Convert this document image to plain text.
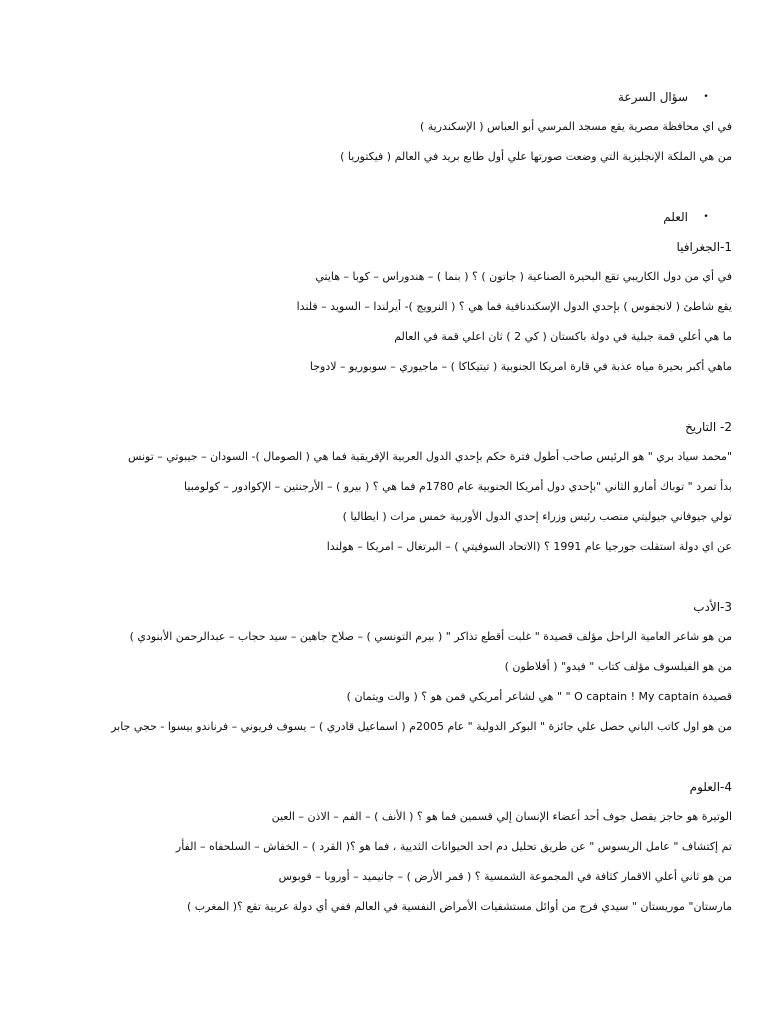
•
سؤال السرعة
في اي محافظة مصرية يقع مسجد المرسي أبو العباس ( الإسكندرية )
من هي الملكة الإنجليزية التي وضعت صورتها علي أول طابع بريد في العالم ( فيكتوريا )
•
العلم
1-الجغرافيا
في أي من دول الكاريبي تقع البحيرة الصناعية ( جاتون ) ؟ ( بنما ) – هندوراس – كوبا – هايتي
يقع شاطئ ( لانجفوس ) بإحدي الدول الإسكندنافية فما هي ؟ ( النرويج )- أيرلندا – السويد – فلندا
ما هي أعلي قمة جبلية في دولة باكستان ( كي 2 ) ثان اعلي قمة في العالم
ماهي أكبر بحيرة مياه عذبة في قارة امريكا الجنوبية ( تيتيكاكا ) – ماجيوري – سوبوريو – لادوجا
2- التاريخ
"محمد سياد بري " هو الرئيس صاحب أطول فترة حكم بإحدي الدول العربية الإفريقية فما هي ( الصومال )- السودان – جيبوتي – تونس
بدأ تمرد " توباك أمارو الثاني "بإحدي دول أمريكا الجنوبية عام 1780م فما هي ؟ ( بيرو ) – الأرجنتين – الإكوادور – كولومبيا
تولي جيوفاني جيوليتي منصب رئيس وزراء إحدي الدول الأوربية خمس مرات ( ايطاليا )
عن اي دولة استقلت جورجيا عام 1991 ؟ (الاتحاد السوفيتي ) – البرتغال – امريكا – هولندا
3-الأدب
من هو شاعر العامية الراحل مؤلف قصيدة " غلبت أقطع تذاكر " ( بيرم التونسي ) – صلاح جاهين – سيد حجاب – عبدالرحمن الأبنودي )
من هو الفيلسوف مؤلف كتاب " فيدو" ( أفلاطون )
قصيدة O captain ! My captain " " هي لشاعر أمريكي فمن هو ؟ ( والت ويتمان )
من هو اول كاتب الباني حصل علي جائزة " البوكر الدولية " عام 2005م ( اسماعيل قادري ) – يسوف فريوني – فرناندو بيسوا - حجي جابر
4-العلوم
الوتيرة هو حاجز يفصل جوف أحد أعضاء الإنسان إلي قسمين فما هو ؟ ( الأنف ) – الفم – الاذن – العين
تم إكتشاف " عامل الريسوس " عن طريق تحليل دم احد الحيوانات الثديية ، فما هو ؟( القرد ) – الخفاش – السلحفاه – الفأر
من هو ثاني أعلي الاقمار كثافة في المجموعة الشمسية ؟ ( قمر الأرض ) – جانيميد – أوروبا – فوبوس
مارستان" موريستان " سيدي فرج من أوائل مستشفيات الأمراض النفسية في العالم ففي أي دولة عربية تقع ؟( المغرب )
